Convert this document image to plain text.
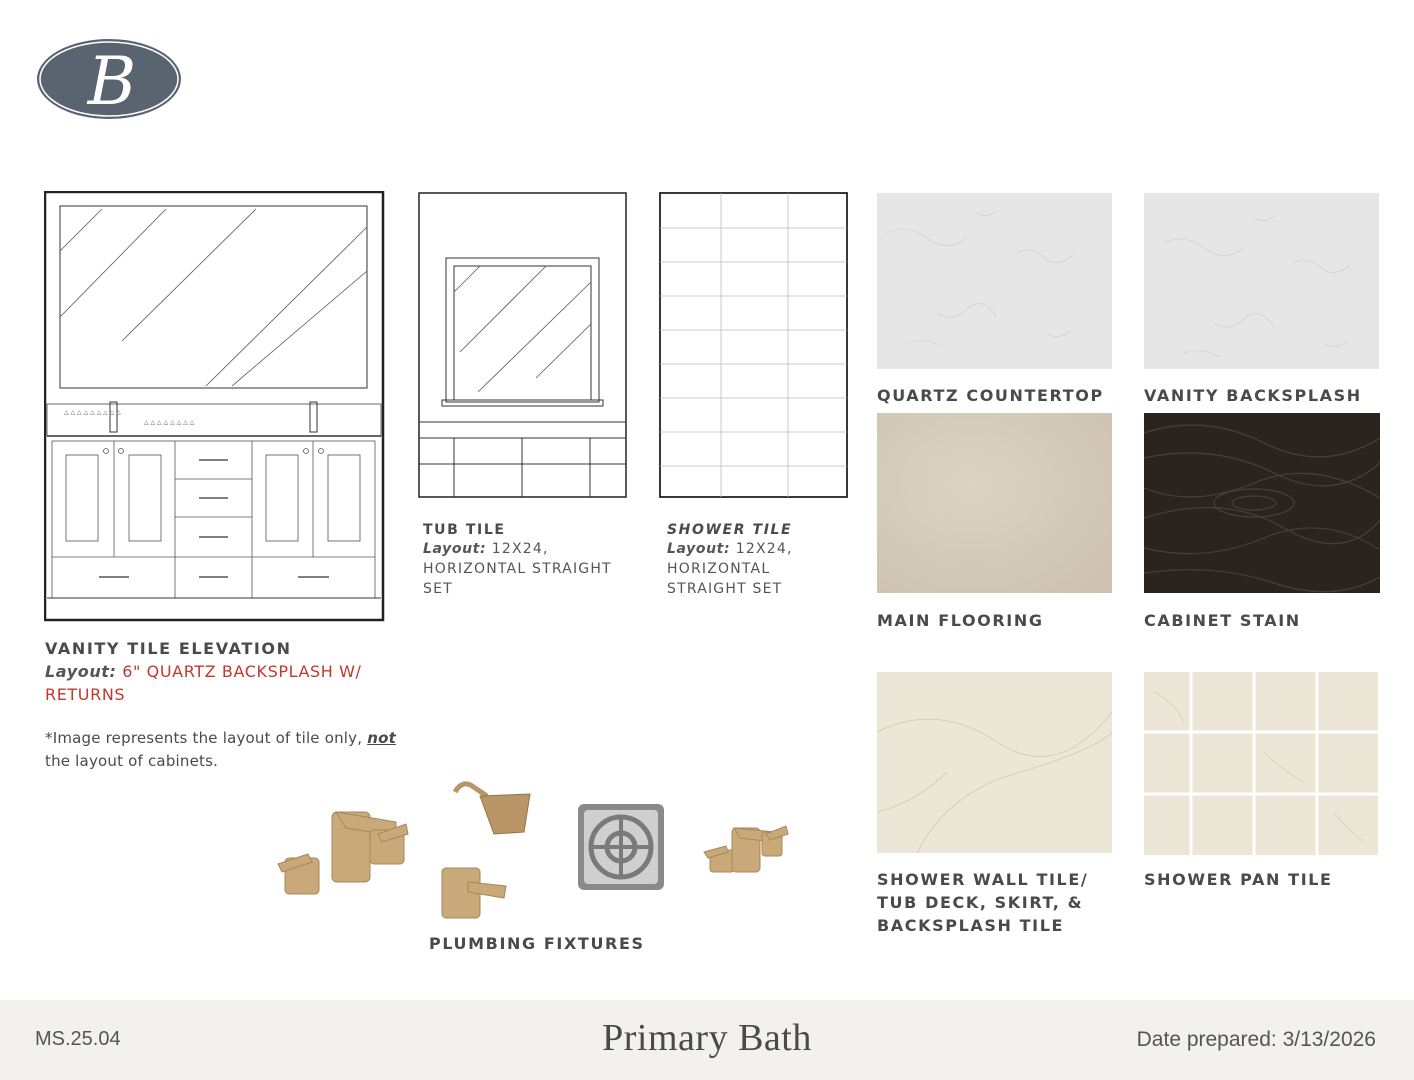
B
△ △ △ △ △ △ △ △ △
△ △ △ △ △ △ △ △
VANITY TILE ELEVATION
Layout: 6" QUARTZ BACKSPLASH W/ RETURNS
*Image represents the layout of tile only, not
the layout of cabinets.
TUB TILE
Layout: 12X24, HORIZONTAL STRAIGHT SET
SHOWER TILE
Layout: 12X24, HORIZONTAL STRAIGHT SET
QUARTZ COUNTERTOP	VANITY BACKSPLASH
MAIN FLOORING	CABINET STAIN
SHOWER WALL TILE/ TUB DECK, SKIRT, & BACKSPLASH TILE
SHOWER PAN TILE
PLUMBING FIXTURES
MS.25.04	Primary Bath	Date prepared: 3/13/2026
